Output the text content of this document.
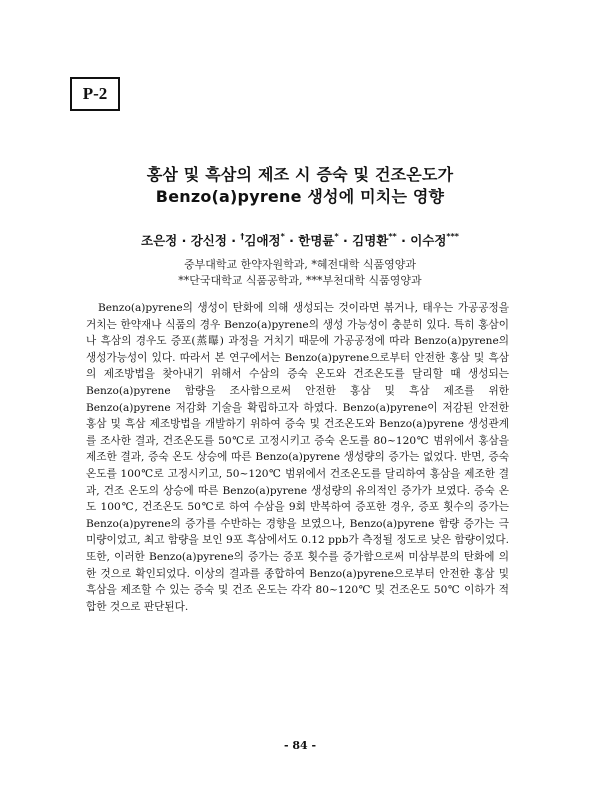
P-2
홍삼 및 흑삼의 제조 시 증숙 및 건조온도가
Benzo(a)pyrene 생성에 미치는 영향
조은정 · 강신정 · †김애정* · 한명륜* · 김명환** · 이수정***
중부대학교 한약자원학과, *혜전대학 식품영양과
**단국대학교 식품공학과, ***부천대학 식품영양과

Benzo(a)pyrene의 생성이 탄화에 의해 생성되는 것이라면 볶거나, 태우는 가공공정을 거치는 한약재나 식품의 경우 Benzo(a)pyrene의 생성 가능성이 충분히 있다. 특히 홍삼이나 흑삼의 경우도 증포(蒸曝) 과정을 거치기 때문에 가공공정에 따라 Benzo(a)pyrene의 생성가능성이 있다. 따라서 본 연구에서는 Benzo(a)pyrene으로부터 안전한 홍삼 및 흑삼의 제조방법을 찾아내기 위해서 수삼의 증숙 온도와 건조온도를 달리할 때 생성되는 Benzo(a)pyrene 함량을 조사함으로써 안전한 홍삼 및 흑삼 제조를 위한 Benzo(a)pyrene 저감화 기술을 확립하고자 하였다. Benzo(a)pyrene이 저감된 안전한 홍삼 및 흑삼 제조방법을 개발하기 위하여 증숙 및 건조온도와 Benzo(a)pyrene 생성관계를 조사한 결과, 건조온도를 50℃로 고정시키고 증숙 온도를 80~120℃ 범위에서 홍삼을 제조한 결과, 증숙 온도 상승에 따른 Benzo(a)pyrene 생성량의 증가는 없었다. 반면, 증숙 온도를 100℃로 고정시키고, 50~120℃ 범위에서 건조온도를 달리하여 홍삼을 제조한 결과, 건조 온도의 상승에 따른 Benzo(a)pyrene 생성량의 유의적인 증가가 보였다. 증숙 온도 100℃, 건조온도 50℃로 하여 수삼을 9회 반복하여 증포한 경우, 증포 횟수의 증가는 Benzo(a)pyrene의 증가를 수반하는 경향을 보였으나, Benzo(a)pyrene 함량 증가는 극미량이었고, 최고 함량을 보인 9포 흑삼에서도 0.12 ppb가 측정될 정도로 낮은 함량이었다. 또한, 이러한 Benzo(a)pyrene의 증가는 증포 횟수를 증가함으로써 미삼부분의 탄화에 의한 것으로 확인되었다. 이상의 결과를 종합하여 Benzo(a)pyrene으로부터 안전한 홍삼 및 흑삼을 제조할 수 있는 증숙 및 건조 온도는 각각 80~120℃ 및 건조온도 50℃ 이하가 적합한 것으로 판단된다.

- 84 -
